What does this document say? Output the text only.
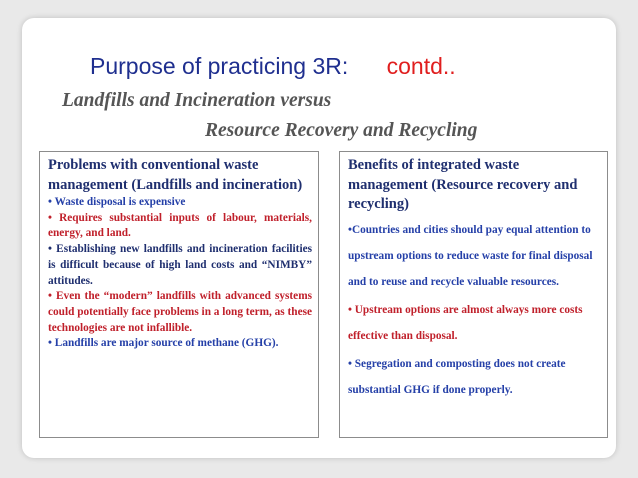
Purpose of practicing 3R: contd..
Landfills and Incineration versus
Resource Recovery and Recycling
Problems with conventional waste management (Landfills and incineration)
• Waste disposal is expensive
• Requires substantial inputs of labour, materials, energy, and land.
• Establishing new landfills and incineration facilities is difficult because of high land costs and “NIMBY” attitudes.
• Even the “modern” landfills with advanced systems could potentially face problems in a long term, as these technologies are not infallible.
• Landfills are major source of methane (GHG).
Benefits of integrated waste management (Resource recovery and recycling)
•Countries and cities should pay equal attention to upstream options to reduce waste for final disposal and to reuse and recycle valuable resources.
• Upstream options are almost always more costs effective than disposal.
• Segregation and composting does not create substantial GHG if done properly.
